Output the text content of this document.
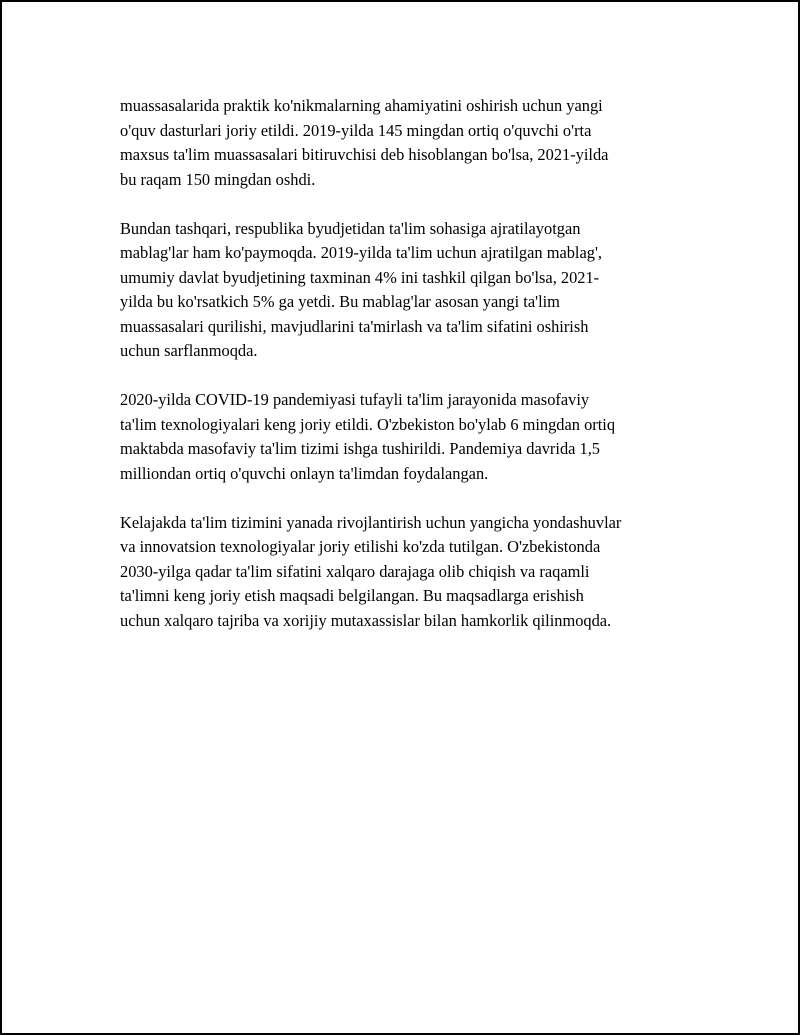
muassasalarida praktik ko'nikmalarning ahamiyatini oshirish uchun yangi
o'quv dasturlari joriy etildi. 2019-yilda 145 mingdan ortiq o'quvchi o'rta
maxsus ta'lim muassasalari bitiruvchisi deb hisoblangan bo'lsa, 2021-yilda
bu raqam 150 mingdan oshdi.

Bundan tashqari, respublika byudjetidan ta'lim sohasiga ajratilayotgan
mablag'lar ham ko'paymoqda. 2019-yilda ta'lim uchun ajratilgan mablag',
umumiy davlat byudjetining taxminan 4% ini tashkil qilgan bo'lsa, 2021-
yilda bu ko'rsatkich 5% ga yetdi. Bu mablag'lar asosan yangi ta'lim
muassasalari qurilishi, mavjudlarini ta'mirlash va ta'lim sifatini oshirish
uchun sarflanmoqda.

2020-yilda COVID-19 pandemiyasi tufayli ta'lim jarayonida masofaviy
ta'lim texnologiyalari keng joriy etildi. O'zbekiston bo'ylab 6 mingdan ortiq
maktabda masofaviy ta'lim tizimi ishga tushirildi. Pandemiya davrida 1,5
milliondan ortiq o'quvchi onlayn ta'limdan foydalangan.

Kelajakda ta'lim tizimini yanada rivojlantirish uchun yangicha yondashuvlar
va innovatsion texnologiyalar joriy etilishi ko'zda tutilgan. O'zbekistonda
2030-yilga qadar ta'lim sifatini xalqaro darajaga olib chiqish va raqamli
ta'limni keng joriy etish maqsadi belgilangan. Bu maqsadlarga erishish
uchun xalqaro tajriba va xorijiy mutaxassislar bilan hamkorlik qilinmoqda.
